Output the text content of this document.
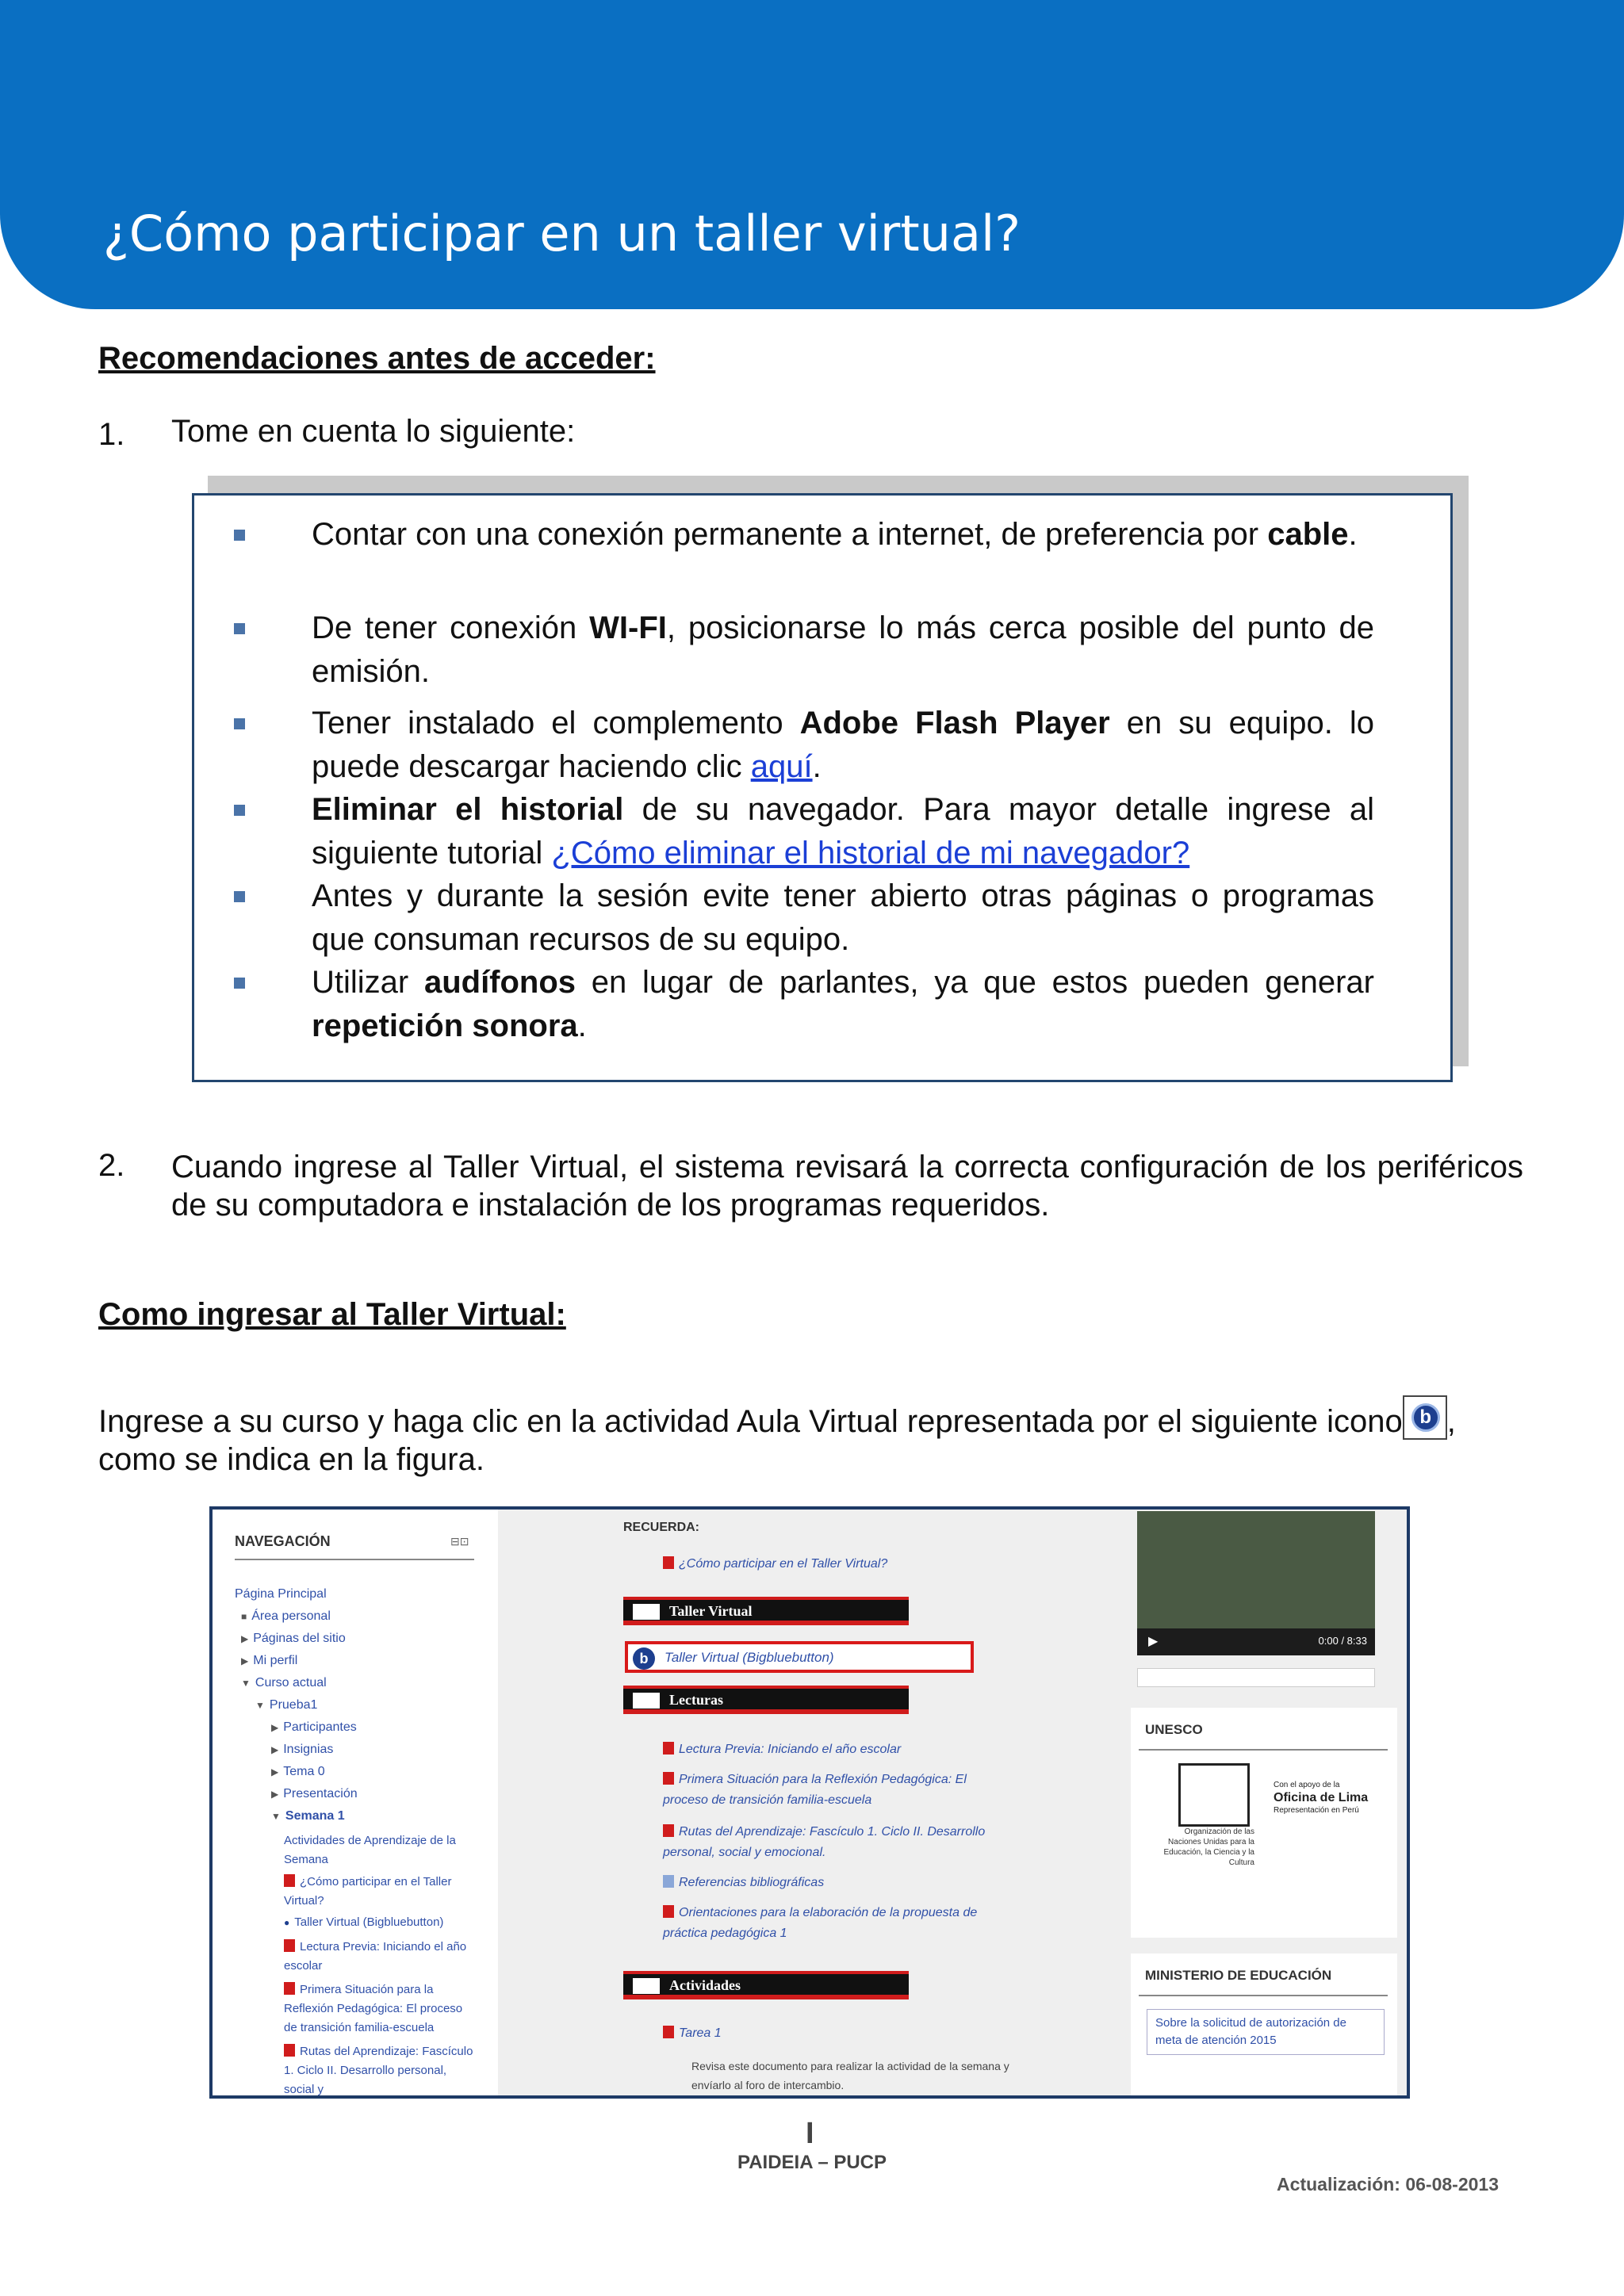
¿Cómo participar en un taller virtual?
Recomendaciones antes de acceder:
1. Tome en cuenta lo siguiente:
Contar con una conexión permanente a internet, de preferencia por cable.
De tener conexión WI-FI, posicionarse lo más cerca posible del punto de emisión.
Tener instalado el complemento Adobe Flash Player en su equipo. lo puede descargar haciendo clic aquí.
Eliminar el historial de su navegador. Para mayor detalle ingrese al siguiente tutorial ¿Cómo eliminar el historial de mi navegador?
Antes y durante la sesión evite tener abierto otras páginas o programas que consuman recursos de su equipo.
Utilizar audífonos en lugar de parlantes, ya que estos pueden generar repetición sonora.
2. Cuando ingrese al Taller Virtual, el sistema revisará la correcta configuración de los periféricos de su computadora e instalación de los programas requeridos.
Como ingresar al Taller Virtual:
Ingrese a su curso y haga clic en la actividad Aula Virtual representada por el siguiente icono b , como se indica en la figura.
NAVEGACIÓN	⊟⊡
Página Principal
■ Área personal
▶ Páginas del sitio
▶ Mi perfil
▼ Curso actual
▼ Prueba1
▶ Participantes
▶ Insignias
▶ Tema 0
▶ Presentación
▼ Semana 1
Actividades de Aprendizaje de la Semana
¿Cómo participar en el Taller Virtual?
● Taller Virtual (Bigbluebutton)
Lectura Previa: Iniciando el año escolar
Primera Situación para la Reflexión Pedagógica: El proceso de transición familia-escuela
Rutas del Aprendizaje: Fascículo 1. Ciclo II. Desarrollo personal, social y
RECUERDA:
¿Cómo participar en el Taller Virtual?
Taller Virtual
b	Taller Virtual (Bigbluebutton)
Lecturas
Lectura Previa: Iniciando el año escolar
Primera Situación para la Reflexión Pedagógica: El proceso de transición familia-escuela
Rutas del Aprendizaje: Fascículo 1. Ciclo II. Desarrollo personal, social y emocional.
Referencias bibliográficas
Orientaciones para la elaboración de la propuesta de práctica pedagógica 1
Actividades
Tarea 1
Revisa este documento para realizar la actividad de la semana y envíarlo al foro de intercambio.
▶	0:00 / 8:33
UNESCO
Con el apoyo de la
Oficina de Lima
Representación en Perú
Organización de las Naciones Unidas para la Educación, la Ciencia y la Cultura
MINISTERIO DE EDUCACIÓN
Sobre la solicitud de autorización de meta de atención 2015
I
PAIDEIA – PUCP
Actualización: 06-08-2013
